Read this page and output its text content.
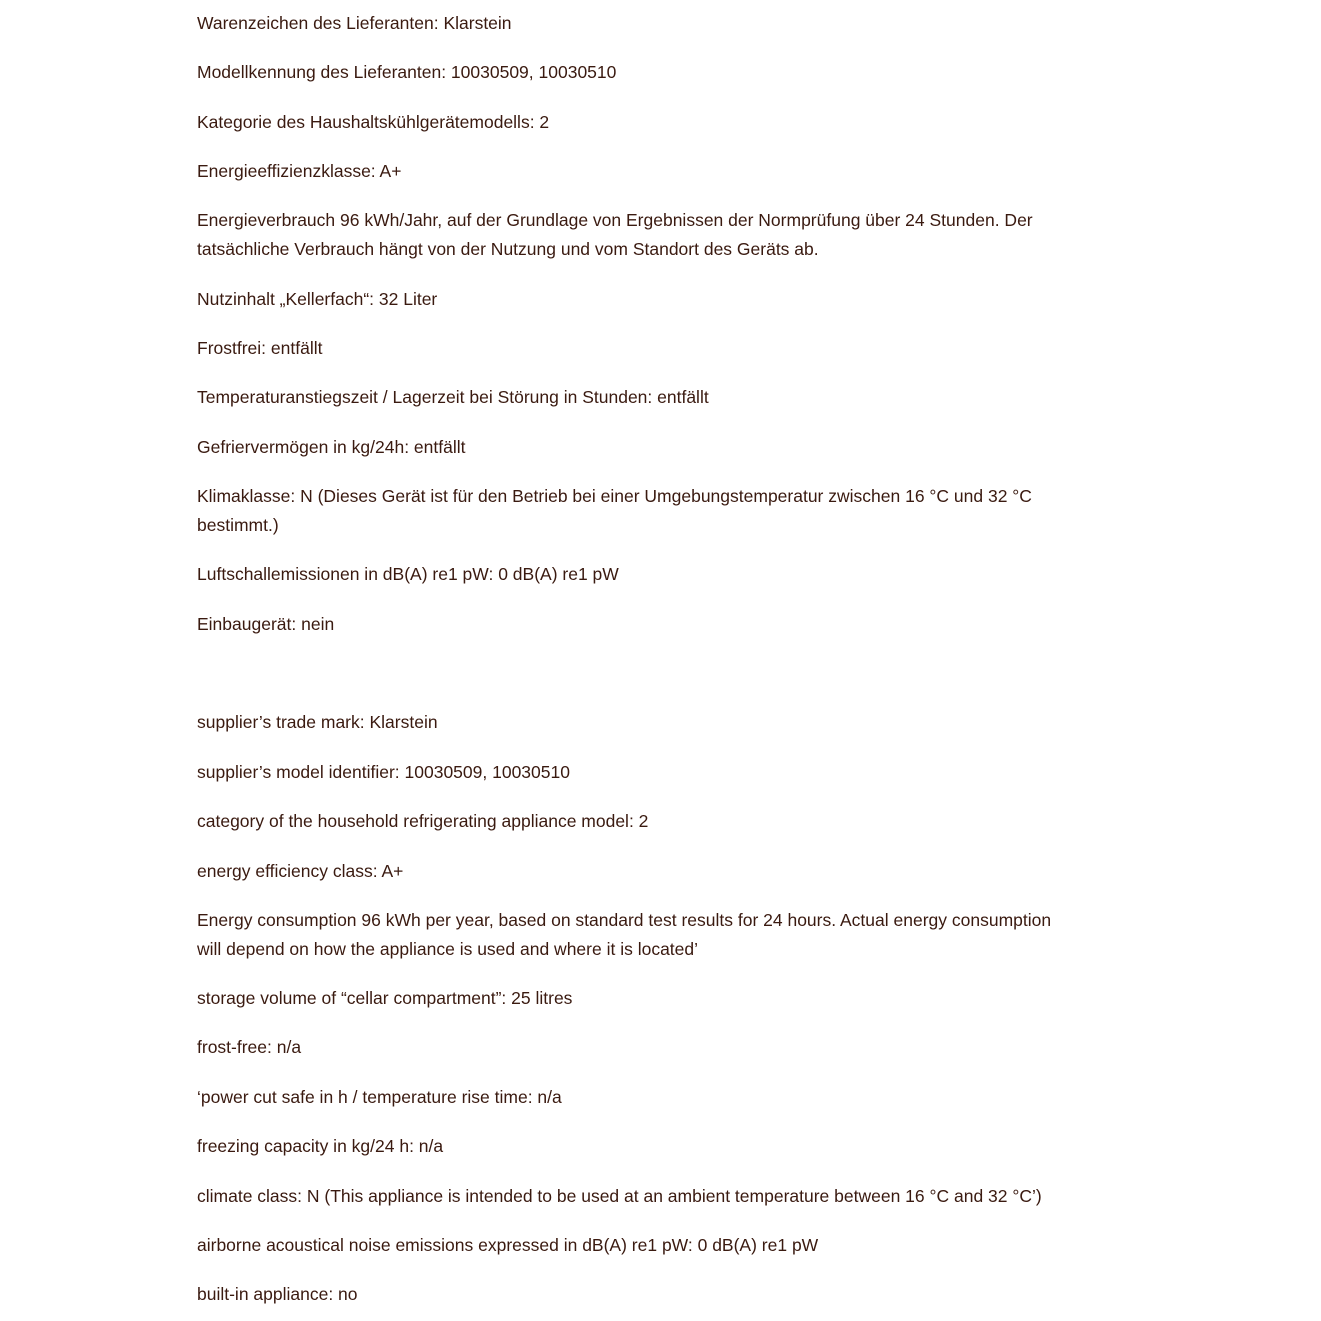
Warenzeichen des Lieferanten: Klarstein

Modellkennung des Lieferanten: 10030509, 10030510

Kategorie des Haushaltskühlgerätemodells: 2

Energieeffizienzklasse: A+

Energieverbrauch 96 kWh/Jahr, auf der Grundlage von Ergebnissen der Normprüfung über 24 Stunden. Der

tatsächliche Verbrauch hängt von der Nutzung und vom Standort des Geräts ab.

Nutzinhalt „Kellerfach“: 32 Liter

Frostfrei: entfällt

Temperaturanstiegszeit / Lagerzeit bei Störung in Stunden: entfällt

Gefriervermögen in kg/24h: entfällt

Klimaklasse: N (Dieses Gerät ist für den Betrieb bei einer Umgebungstemperatur zwischen 16 °C und 32 °C

bestimmt.)

Luftschallemissionen in dB(A) re1 pW: 0 dB(A) re1 pW

Einbaugerät: nein

supplier’s trade mark: Klarstein

supplier’s model identifier: 10030509, 10030510

category of the household refrigerating appliance model: 2

energy efficiency class: A+

Energy consumption 96 kWh per year, based on standard test results for 24 hours. Actual energy consumption

will depend on how the appliance is used and where it is located’

storage volume of “cellar compartment”: 25 litres

frost-free: n/a

‘power cut safe in h / temperature rise time: n/a

freezing capacity in kg/24 h: n/a

climate class: N (This appliance is intended to be used at an ambient temperature between 16 °C and 32 °C’)

airborne acoustical noise emissions expressed in dB(A) re1 pW: 0 dB(A) re1 pW

built-in appliance: no
